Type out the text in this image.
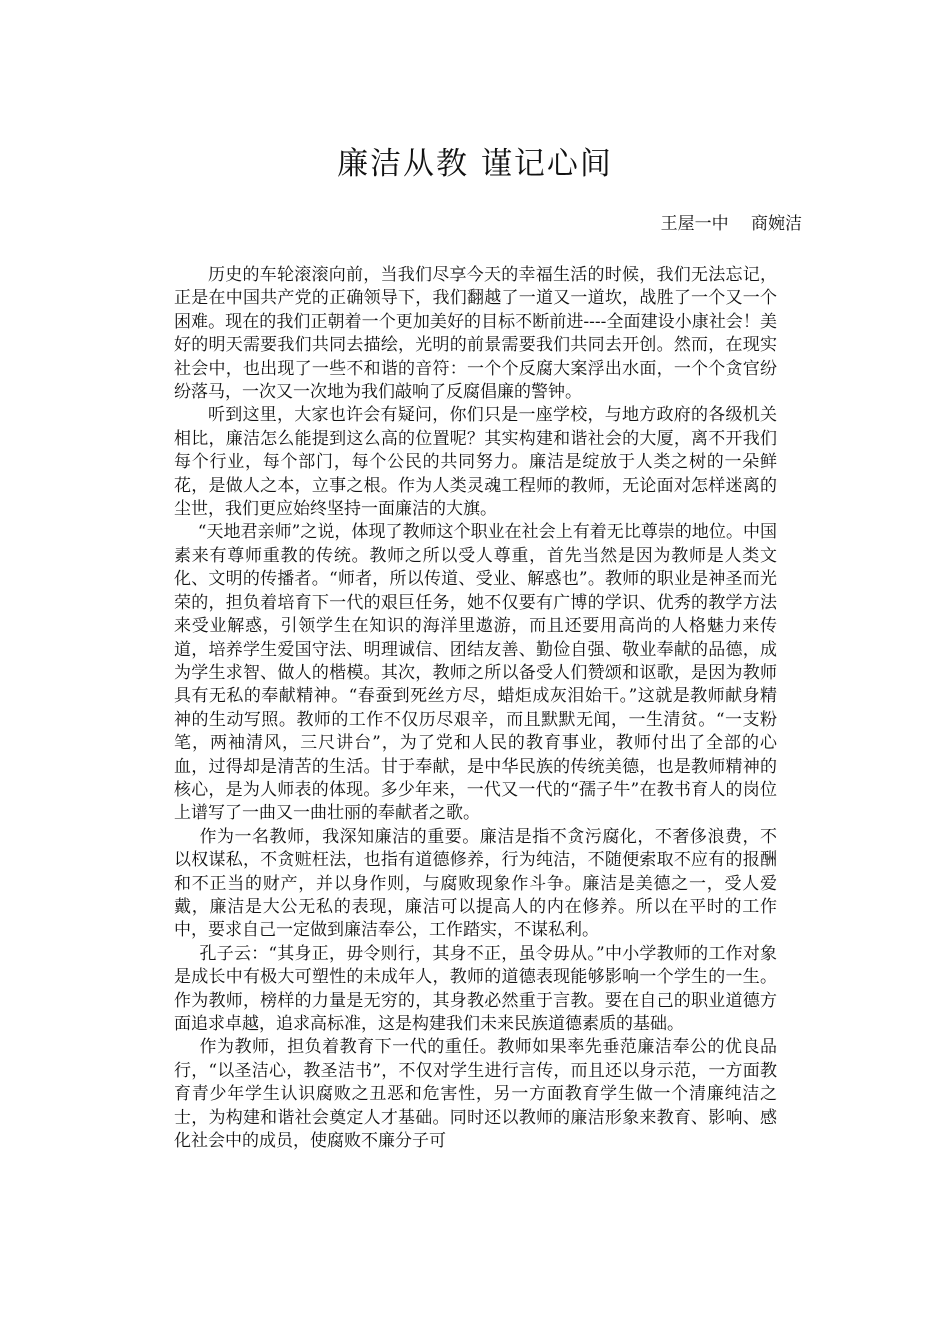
廉洁从教 谨记心间
王屋一中　 商婉洁

历史的车轮滚滚向前，当我们尽享今天的幸福生活的时候，我们无法忘记，正是在中国共产党的正确领导下，我们翻越了一道又一道坎，战胜了一个又一个困难。现在的我们正朝着一个更加美好的目标不断前进----全面建设小康社会！美好的明天需要我们共同去描绘，光明的前景需要我们共同去开创。然而，在现实社会中，也出现了一些不和谐的音符：一个个反腐大案浮出水面，一个个贪官纷纷落马，一次又一次地为我们敲响了反腐倡廉的警钟。

听到这里，大家也许会有疑问，你们只是一座学校，与地方政府的各级机关相比，廉洁怎么能提到这么高的位置呢？其实构建和谐社会的大厦，离不开我们每个行业，每个部门，每个公民的共同努力。廉洁是绽放于人类之树的一朵鲜花，是做人之本，立事之根。作为人类灵魂工程师的教师，无论面对怎样迷离的尘世，我们更应始终坚持一面廉洁的大旗。

“天地君亲师”之说，体现了教师这个职业在社会上有着无比尊崇的地位。中国素来有尊师重教的传统。教师之所以受人尊重，首先当然是因为教师是人类文化、文明的传播者。“师者，所以传道、受业、解惑也”。教师的职业是神圣而光荣的，担负着培育下一代的艰巨任务，她不仅要有广博的学识、优秀的教学方法来受业解惑，引领学生在知识的海洋里遨游，而且还要用高尚的人格魅力来传道，培养学生爱国守法、明理诚信、团结友善、勤俭自强、敬业奉献的品德，成为学生求智、做人的楷模。其次，教师之所以备受人们赞颂和讴歌，是因为教师具有无私的奉献精神。“春蚕到死丝方尽，蜡炬成灰泪始干。”这就是教师献身精神的生动写照。教师的工作不仅历尽艰辛，而且默默无闻，一生清贫。“一支粉笔，两袖清风，三尺讲台”，为了党和人民的教育事业，教师付出了全部的心血，过得却是清苦的生活。甘于奉献，是中华民族的传统美德，也是教师精神的核心，是为人师表的体现。多少年来，一代又一代的“孺子牛”在教书育人的岗位上谱写了一曲又一曲壮丽的奉献者之歌。

作为一名教师，我深知廉洁的重要。廉洁是指不贪污腐化，不奢侈浪费，不以权谋私，不贪赃枉法，也指有道德修养，行为纯洁，不随便索取不应有的报酬和不正当的财产，并以身作则，与腐败现象作斗争。廉洁是美德之一，受人爱戴，廉洁是大公无私的表现，廉洁可以提高人的内在修养。所以在平时的工作中，要求自己一定做到廉洁奉公，工作踏实，不谋私利。

孔子云：“其身正，毋令则行，其身不正，虽令毋从。”中小学教师的工作对象是成长中有极大可塑性的未成年人，教师的道德表现能够影响一个学生的一生。作为教师，榜样的力量是无穷的，其身教必然重于言教。要在自己的职业道德方面追求卓越，追求高标准，这是构建我们未来民族道德素质的基础。

作为教师，担负着教育下一代的重任。教师如果率先垂范廉洁奉公的优良品行，“以圣洁心，教圣洁书”，不仅对学生进行言传，而且还以身示范，一方面教育青少年学生认识腐败之丑恶和危害性，另一方面教育学生做一个清廉纯洁之士，为构建和谐社会奠定人才基础。同时还以教师的廉洁形象来教育、影响、感化社会中的成员，使腐败不廉分子可
